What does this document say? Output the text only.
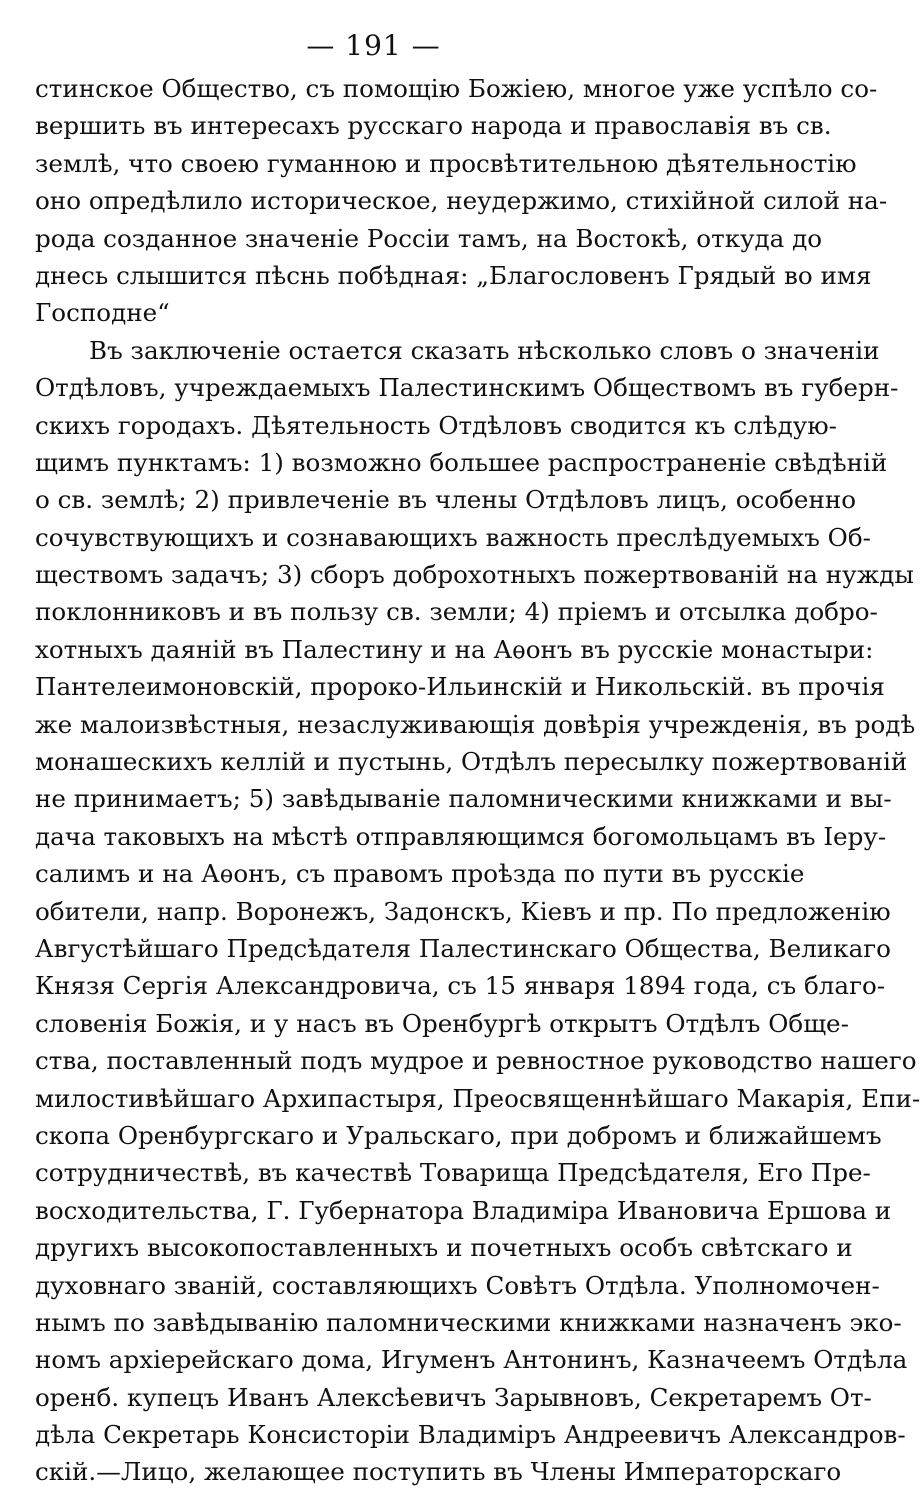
— 191 —
стинское Общество, съ помощію Божіею, многое уже успѣло со-
вершить въ интересахъ русскаго народа и православія въ св.
землѣ, что своею гуманною и просвѣтительною дѣятельностію
оно опредѣлило историческое, неудержимо, стихійной силой на-
рода созданное значеніе Россіи тамъ, на Востокѣ, откуда до
днесь слышится пѣснь побѣдная: „Благословенъ Грядый во имя
Господне“
Въ заключеніе остается сказать нѣсколько словъ о значеніи
Отдѣловъ, учреждаемыхъ Палестинскимъ Обществомъ въ губерн-
скихъ городахъ. Дѣятельность Отдѣловъ сводится къ слѣдую-
щимъ пунктамъ: 1) возможно большее распространеніе свѣдѣній
о св. землѣ; 2) привлеченіе въ члены Отдѣловъ лицъ, особенно
сочувствующихъ и сознавающихъ важность преслѣдуемыхъ Об-
ществомъ задачъ; 3) сборъ доброхотныхъ пожертвованій на нужды
поклонниковъ и въ пользу св. земли; 4) пріемъ и отсылка добро-
хотныхъ даяній въ Палестину и на Аѳонъ въ русскіе монастыри:
Пантелеимоновскій, пророко-Ильинскій и Никольскій. въ прочія
же малоизвѣстныя, незаслуживающія довѣрія учрежденія, въ родѣ
монашескихъ келлій и пустынь, Отдѣлъ пересылку пожертвованій
не принимаетъ; 5) завѣдываніе паломническими книжками и вы-
дача таковыхъ на мѣстѣ отправляющимся богомольцамъ въ Іеру-
салимъ и на Аѳонъ, съ правомъ проѣзда по пути въ русскіе
обители, напр. Воронежъ, Задонскъ, Кіевъ и пр. По предложенію
Августѣйшаго Предсѣдателя Палестинскаго Общества, Великаго
Князя Сергія Александровича, съ 15 января 1894 года, съ благо-
словенія Божія, и у насъ въ Оренбургѣ открытъ Отдѣлъ Обще-
ства, поставленный подъ мудрое и ревностное руководство нашего
милостивѣйшаго Архипастыря, Преосвященнѣйшаго Макарія, Епи-
скопа Оренбургскаго и Уральскаго, при добромъ и ближайшемъ
сотрудничествѣ, въ качествѣ Товарища Предсѣдателя, Его Пре-
восходительства, Г. Губернатора Владиміра Ивановича Ершова и
другихъ высокопоставленныхъ и почетныхъ особъ свѣтскаго и
духовнаго званій, составляющихъ Совѣтъ Отдѣла. Уполномочен-
нымъ по завѣдыванію паломническими книжками назначенъ эко-
номъ архіерейскаго дома, Игуменъ Антонинъ, Казначеемъ Отдѣла
оренб. купецъ Иванъ Алексѣевичъ Зарывновъ, Секретаремъ От-
дѣла Секретарь Консисторіи Владиміръ Андреевичъ Александров-
скій.—Лицо, желающее поступить въ Члены Императорскаго
